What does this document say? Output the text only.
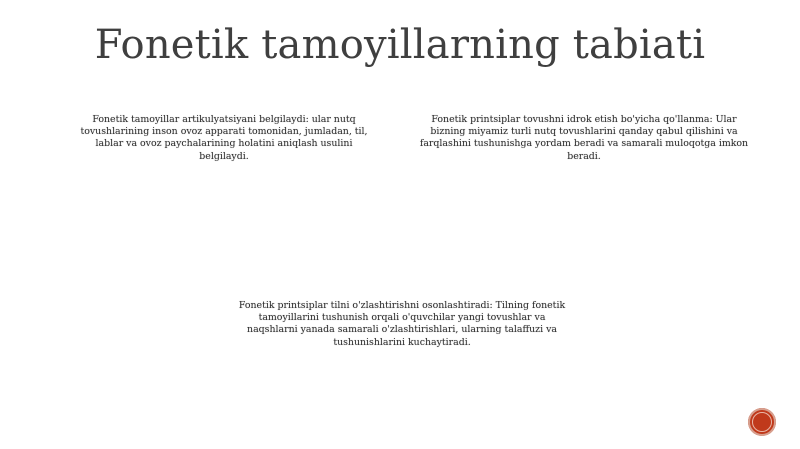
Fonetik tamoyillarning tabiati
Fonetik tamoyillar artikulyatsiyani belgilaydi: ular nutq tovushlarining inson ovoz apparati tomonidan, jumladan, til, lablar va ovoz paychalarining holatini aniqlash usulini belgilaydi.
Fonetik printsiplar tovushni idrok etish bo'yicha qo'llanma: Ular bizning miyamiz turli nutq tovushlarini qanday qabul qilishini va farqlashini tushunishga yordam beradi va samarali muloqotga imkon beradi.
Fonetik printsiplar tilni o'zlashtirishni osonlashtiradi: Tilning fonetik tamoyillarini tushunish orqali o'quvchilar yangi tovushlar va naqshlarni yanada samarali o'zlashtirishlari, ularning talaffuzi va tushunishlarini kuchaytiradi.
